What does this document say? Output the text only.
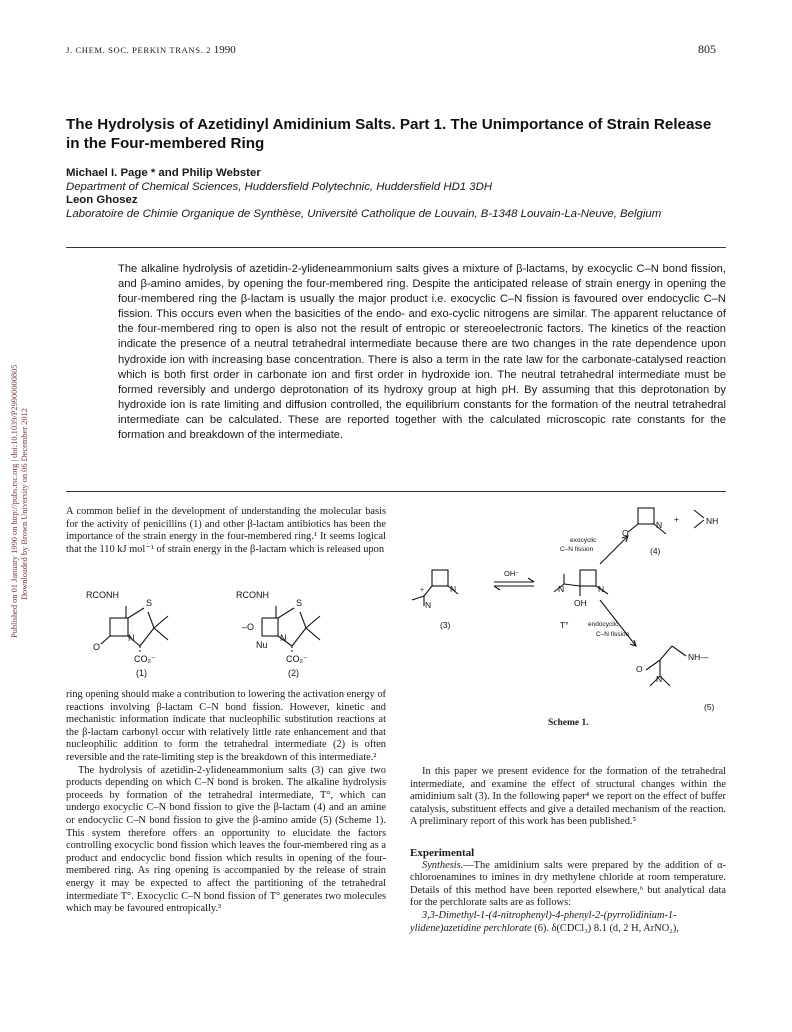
Published on 01 January 1990 on http://pubs.rsc.org | doi:10.1039/P29900000805 Downloaded by Brown University on 06 December 2012
J. CHEM. SOC. PERKIN TRANS. 2 1990	805
The Hydrolysis of Azetidinyl Amidinium Salts. Part 1. The Unimportance of Strain Release in the Four-membered Ring
Michael I. Page * and Philip Webster
Department of Chemical Sciences, Huddersfield Polytechnic, Huddersfield HD1 3DH
Leon Ghosez
Laboratoire de Chimie Organique de Synthèse, Université Catholique de Louvain, B-1348 Louvain-La-Neuve, Belgium
The alkaline hydrolysis of azetidin-2-ylideneammonium salts gives a mixture of β-lactams, by exocyclic C–N bond fission, and β-amino amides, by opening the four-membered ring. Despite the anticipated release of strain energy in opening the four-membered ring the β-lactam is usually the major product i.e. exocyclic C–N fission is favoured over endocyclic C–N fission. This occurs even when the basicities of the endo- and exo-cyclic nitrogens are similar. The apparent reluctance of the four-membered ring to open is also not the result of entropic or stereoelectronic factors. The kinetics of the reaction indicate the presence of a neutral tetrahedral intermediate because there are two changes in the rate dependence upon hydroxide ion with increasing base concentration. There is also a term in the rate law for the carbonate-catalysed reaction which is both first order in carbonate ion and first order in hydroxide ion. The neutral tetrahedral intermediate must be formed reversibly and undergo deprotonation of its hydroxy group at high pH. By assuming that this deprotonation by hydroxide ion is rate limiting and diffusion controlled, the equilibrium constants for the formation of the neutral tetrahedral intermediate can be calculated. These are reported together with the calculated microscopic rate constants for the formation and breakdown of the intermediate.

A common belief in the development of understanding the molecular basis for the activity of penicillins (1) and other β-lactam antibiotics has been the importance of the strain energy in the four-membered ring.¹ It seems logical that the 110 kJ mol⁻¹ of strain energy in the β-lactam which is released upon

RCONH
S
N
O
CO₂⁻
(1)
RCONH
S
N
–O
Nu
CO₂⁻
(2)

ring opening should make a contribution to lowering the activation energy of reactions involving β-lactam C–N bond fission. However, kinetic and mechanistic information indicate that nucleophilic substitution reactions at the β-lactam carbonyl occur with relatively little rate enhancement and that nucleophilic addition to form the tetrahedral intermediate (2) is often reversible and the rate-limiting step is the breakdown of this intermediate.²

The hydrolysis of azetidin-2-ylideneammonium salts (3) can give two products depending on which C–N bond is broken. The alkaline hydrolysis proceeds by formation of the tetrahedral intermediate, T°, which can undergo exocyclic C–N bond fission to give the β-lactam (4) and an amine or endocyclic C–N bond fission to give the β-amino amide (5) (Scheme 1). This system therefore offers an opportunity to elucidate the factors controlling exocyclic bond fission which leaves the four-membered ring as a product and endocyclic bond fission which results in opening of the four-membered ring. As ring opening is accompanied by the release of strain energy it may be expected to affect the partitioning of the tetrahedral intermediate T°. Exocyclic C–N bond fission of T° generates two molecules which may be favoured entropically.³

O
N
+	NH
(4)
exocyclic
C–N fission
OH⁻
+	N
N
(3)
N	N
OH
T°	endocyclic
C–N fission
O
NH—
N
(5)
Scheme 1.

In this paper we present evidence for the formation of the tetrahedral intermediate, and examine the effect of structural changes within the amidinium salt (3). In the following paper⁴ we report on the effect of buffer catalysis, substituent effects and give a detailed mechanism of the reaction. A preliminary report of this work has been published.⁵

Experimental

Synthesis.—The amidinium salts were prepared by the addition of α-chloroenamines to imines in dry methylene chloride at room temperature. Details of this method have been reported elsewhere,⁶ but analytical data for the perchlorate salts are as follows:

3,3-Dimethyl-1-(4-nitrophenyl)-4-phenyl-2-(pyrrolidinium-1-ylidene)azetidine perchlorate (6). δ(CDCl₃) 8.1 (d, 2 H, ArNO₂),
